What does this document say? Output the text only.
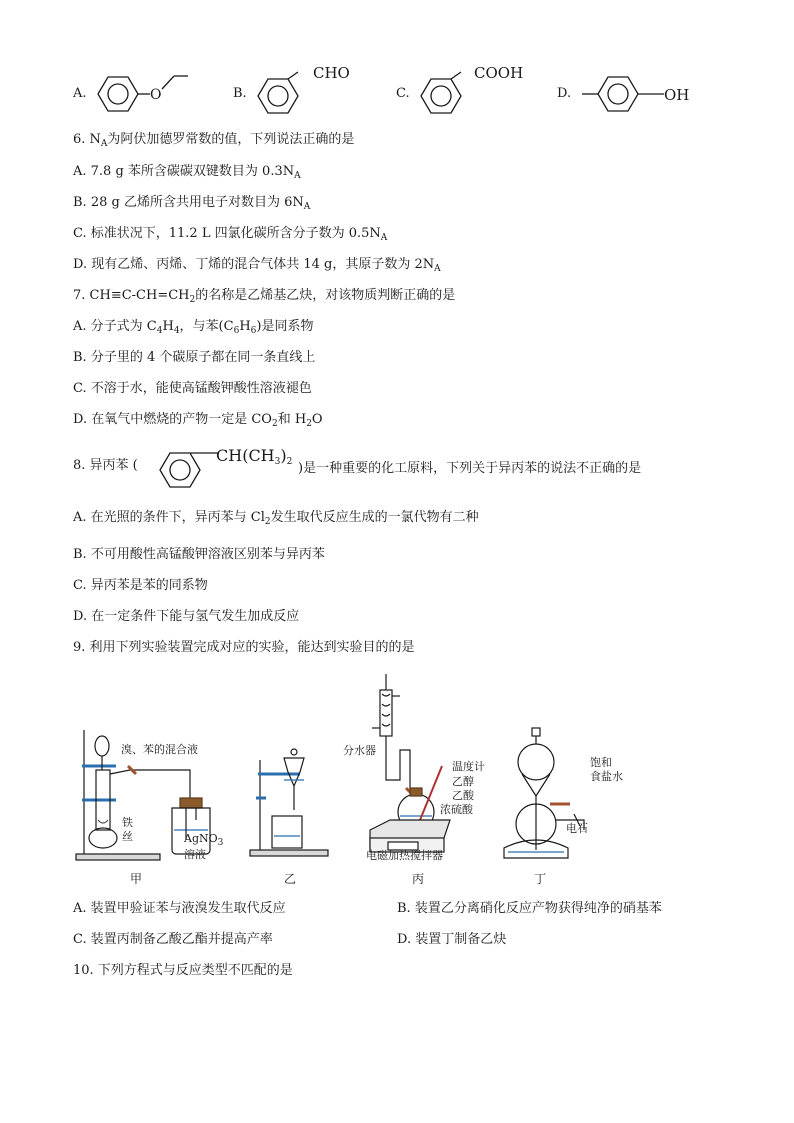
A.	O	B.
CHO
C.
COOH
D.	OH
6. $N_A$为阿伏加德罗常数的值，下列说法正确的是
A. 7.8 g 苯所含碳碳双键数目为 $0.3N_A$
B. 28 g 乙烯所含共用电子对数目为 $6N_A$
C. 标准状况下，11.2 L 四氯化碳所含分子数为 $0.5N_A$
D. 现有乙烯、丙烯、丁烯的混合气体共 14 g，其原子数为 $2N_A$
7. $CH\equiv C-CH=CH_2$的名称是乙烯基乙炔，对该物质判断正确的是
A. 分子式为 $C_4H_4$，与苯$(C_6H_6)$是同系物
B. 分子里的 4 个碳原子都在同一条直线上
C. 不溶于水，能使高锰酸钾酸性溶液褪色
D. 在氧气中燃烧的产物一定是 $CO_2$和 $H_2O$
8. 异丙苯 (
$CH(CH_3)_2$ )是一种重要的化工原料，下列关于异丙苯的说法不正确的是
A. 在光照的条件下，异丙苯与 $Cl_2$发生取代反应生成的一氯代物有二种
B. 不可用酸性高锰酸钾溶液区别苯与异丙苯
C. 异丙苯是苯的同系物
D. 在一定条件下能与氢气发生加成反应
9. 利用下列实验装置完成对应的实验，能达到实验目的的是
溴、苯的混合液
铁
丝	AgNO$_3$
溶液
分水器
温度计
乙醇
乙酸
浓硫酸
电磁加热搅拌器
饱和
食盐水
电石
甲	乙	丙	丁
A. 装置甲验证苯与液溴发生取代反应	B. 装置乙分离硝化反应产物获得纯净的硝基苯
C. 装置丙制备乙酸乙酯并提高产率	D. 装置丁制备乙炔
10. 下列方程式与反应类型不匹配的是
